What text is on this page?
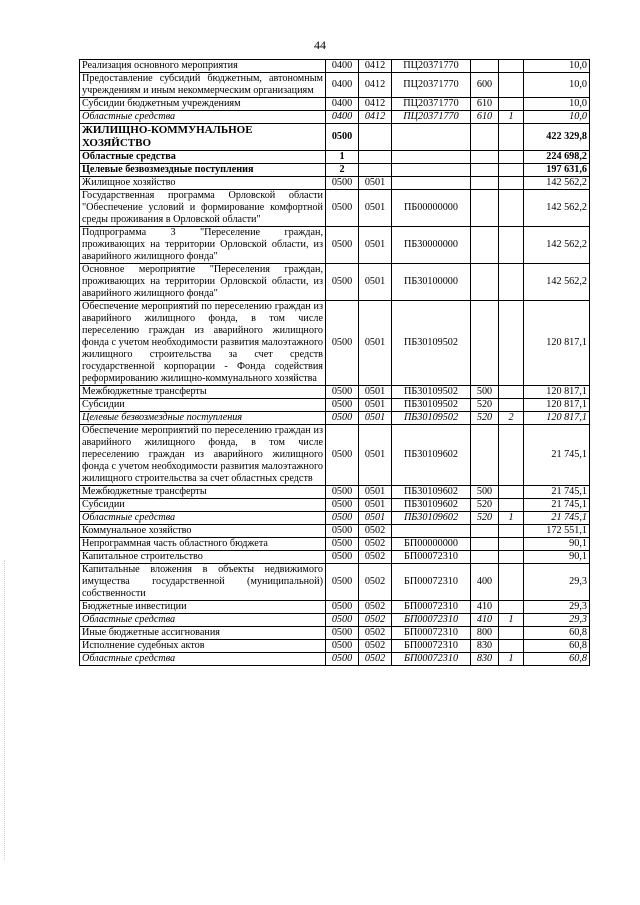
44
Реализация основного мероприятия	0400	0412	ПЦ20371770			10,0
Предоставление субсидий бюджетным, автономным учреждениям и иным некоммерческим организациям	0400	0412	ПЦ20371770	600		10,0
Субсидии бюджетным учреждениям	0400	0412	ПЦ20371770	610		10,0
Областные средства	0400	0412	ПЦ20371770	610	1	10,0
ЖИЛИЩНО-КОММУНАЛЬНОЕ ХОЗЯЙСТВО	0500					422 329,8
Областные средства	1					224 698,2
Целевые безвозмездные поступления	2					197 631,6
Жилищное хозяйство	0500	0501				142 562,2
Государственная программа Орловской области "Обеспечение условий и формирование комфортной среды проживания в Орловской области"	0500	0501	ПБ00000000			142 562,2
Подпрограмма 3 "Переселение граждан, проживающих на территории Орловской области, из аварийного жилищного фонда"	0500	0501	ПБ30000000			142 562,2
Основное мероприятие "Переселения граждан, проживающих на территории Орловской области, из аварийного жилищного фонда"	0500	0501	ПБ30100000			142 562,2
Обеспечение мероприятий по переселению граждан из аварийного жилищного фонда, в том числе переселению граждан из аварийного жилищного фонда с учетом необходимости развития малоэтажного жилищного строительства за счет средств государственной корпорации - Фонда содействия реформированию жилищно-коммунального хозяйства	0500	0501	ПБ30109502			120 817,1
Межбюджетные трансферты	0500	0501	ПБ30109502	500		120 817,1
Субсидии	0500	0501	ПБ30109502	520		120 817,1
Целевые безвозмездные поступления	0500	0501	ПБ30109502	520	2	120 817,1
Обеспечение мероприятий по переселению граждан из аварийного жилищного фонда, в том числе переселению граждан из аварийного жилищного фонда с учетом необходимости развития малоэтажного жилищного строительства за счет областных средств	0500	0501	ПБ30109602			21 745,1
Межбюджетные трансферты	0500	0501	ПБ30109602	500		21 745,1
Субсидии	0500	0501	ПБ30109602	520		21 745,1
Областные средства	0500	0501	ПБ30109602	520	1	21 745,1
Коммунальное хозяйство	0500	0502				172 551,1
Непрограммная часть областного бюджета	0500	0502	БП00000000			90,1
Капитальное строительство	0500	0502	БП00072310			90,1
Капитальные вложения в объекты недвижимого имущества государственной (муниципальной) собственности	0500	0502	БП00072310	400		29,3
Бюджетные инвестиции	0500	0502	БП00072310	410		29,3
Областные средства	0500	0502	БП00072310	410	1	29,3
Иные бюджетные ассигнования	0500	0502	БП00072310	800		60,8
Исполнение судебных актов	0500	0502	БП00072310	830		60,8
Областные средства	0500	0502	БП00072310	830	1	60,8
